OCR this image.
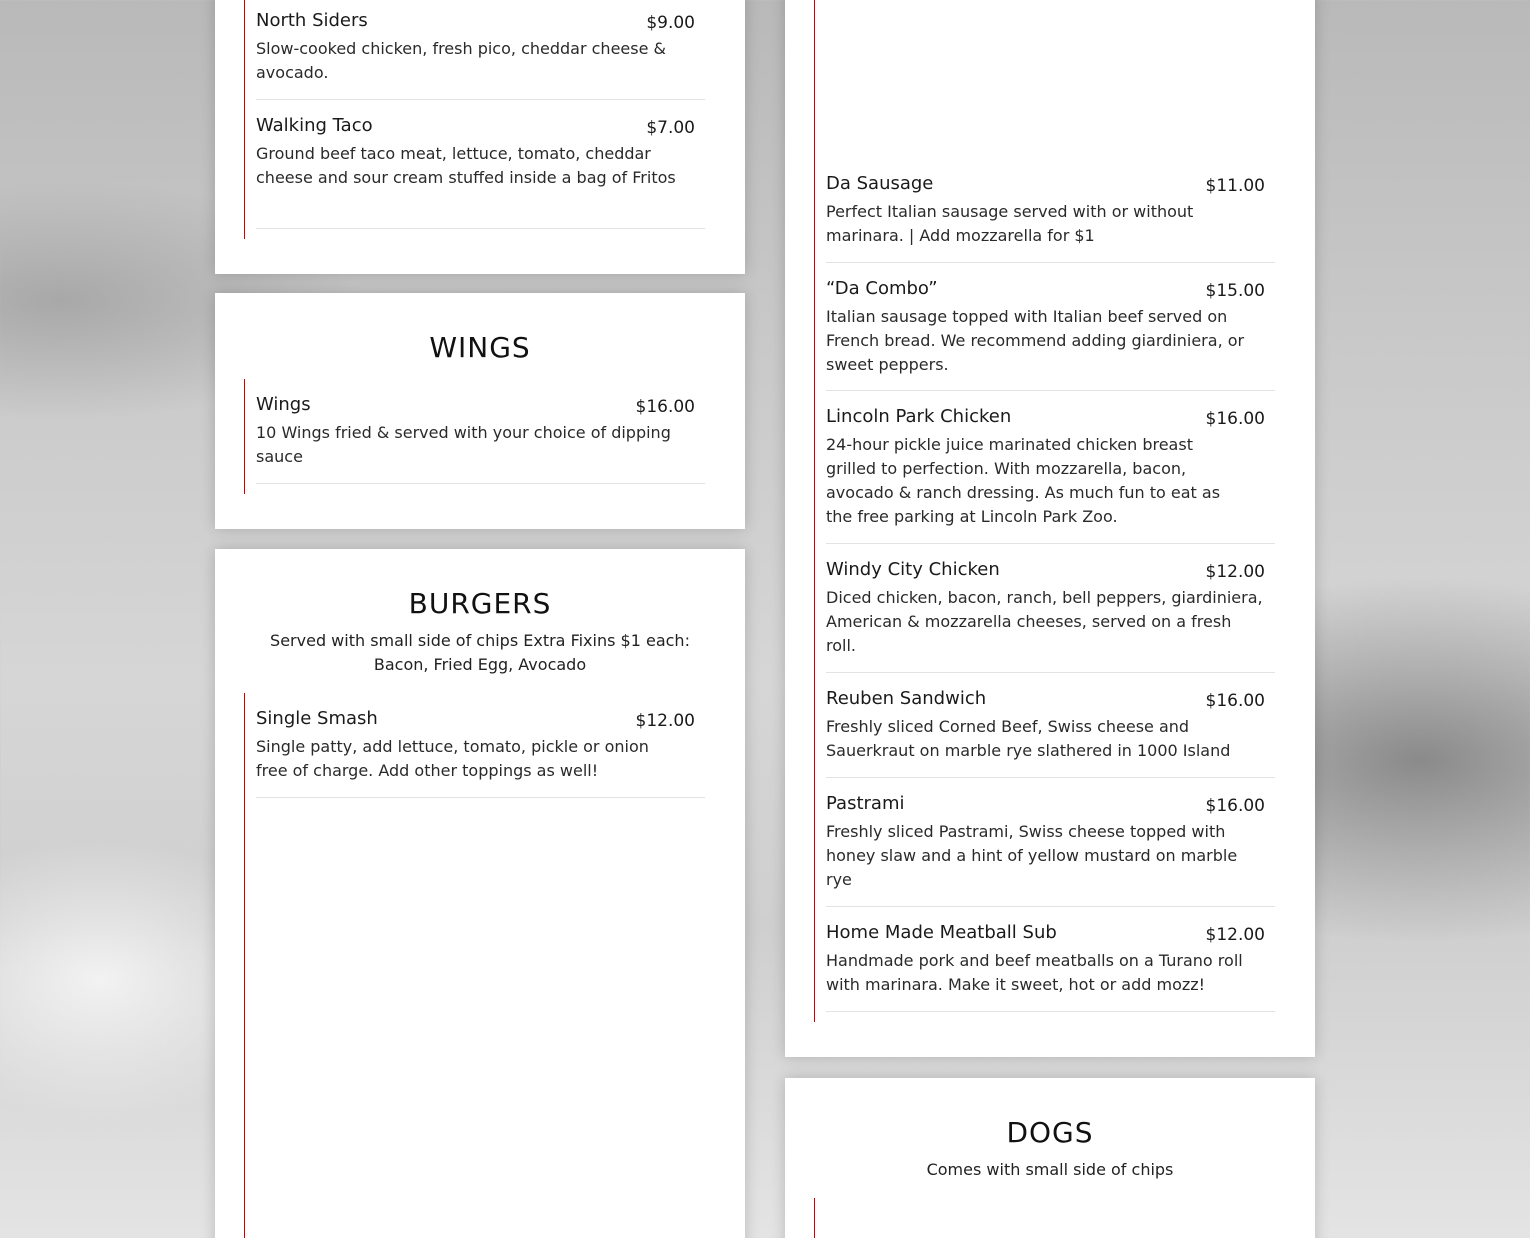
North Siders	$9.00
Slow-cooked chicken, fresh pico, cheddar cheese & avocado.
Walking Taco	$7.00
Ground beef taco meat, lettuce, tomato, cheddar cheese and sour cream stuffed inside a bag of Fritos
WINGS
Wings	$16.00
10 Wings fried & served with your choice of dipping sauce
BURGERS
Served with small side of chips Extra Fixins $1 each: Bacon, Fried Egg, Avocado
Single Smash	$12.00
Single patty, add lettuce, tomato, pickle or onion free of charge. Add other toppings as well!
Da Sausage	$11.00
Perfect Italian sausage served with or without marinara. | Add mozzarella for $1
“Da Combo”	$15.00
Italian sausage topped with Italian beef served on French bread. We recommend adding giardiniera, or sweet peppers.
Lincoln Park Chicken	$16.00
24-hour pickle juice marinated chicken breast grilled to perfection. With mozzarella, bacon, avocado & ranch dressing. As much fun to eat as the free parking at Lincoln Park Zoo.
Windy City Chicken	$12.00
Diced chicken, bacon, ranch, bell peppers, giardiniera, American & mozzarella cheeses, served on a fresh roll.
Reuben Sandwich	$16.00
Freshly sliced Corned Beef, Swiss cheese and Sauerkraut on marble rye slathered in 1000 Island
Pastrami	$16.00
Freshly sliced Pastrami, Swiss cheese topped with honey slaw and a hint of yellow mustard on marble rye
Home Made Meatball Sub	$12.00
Handmade pork and beef meatballs on a Turano roll with marinara. Make it sweet, hot or add mozz!
DOGS
Comes with small side of chips
